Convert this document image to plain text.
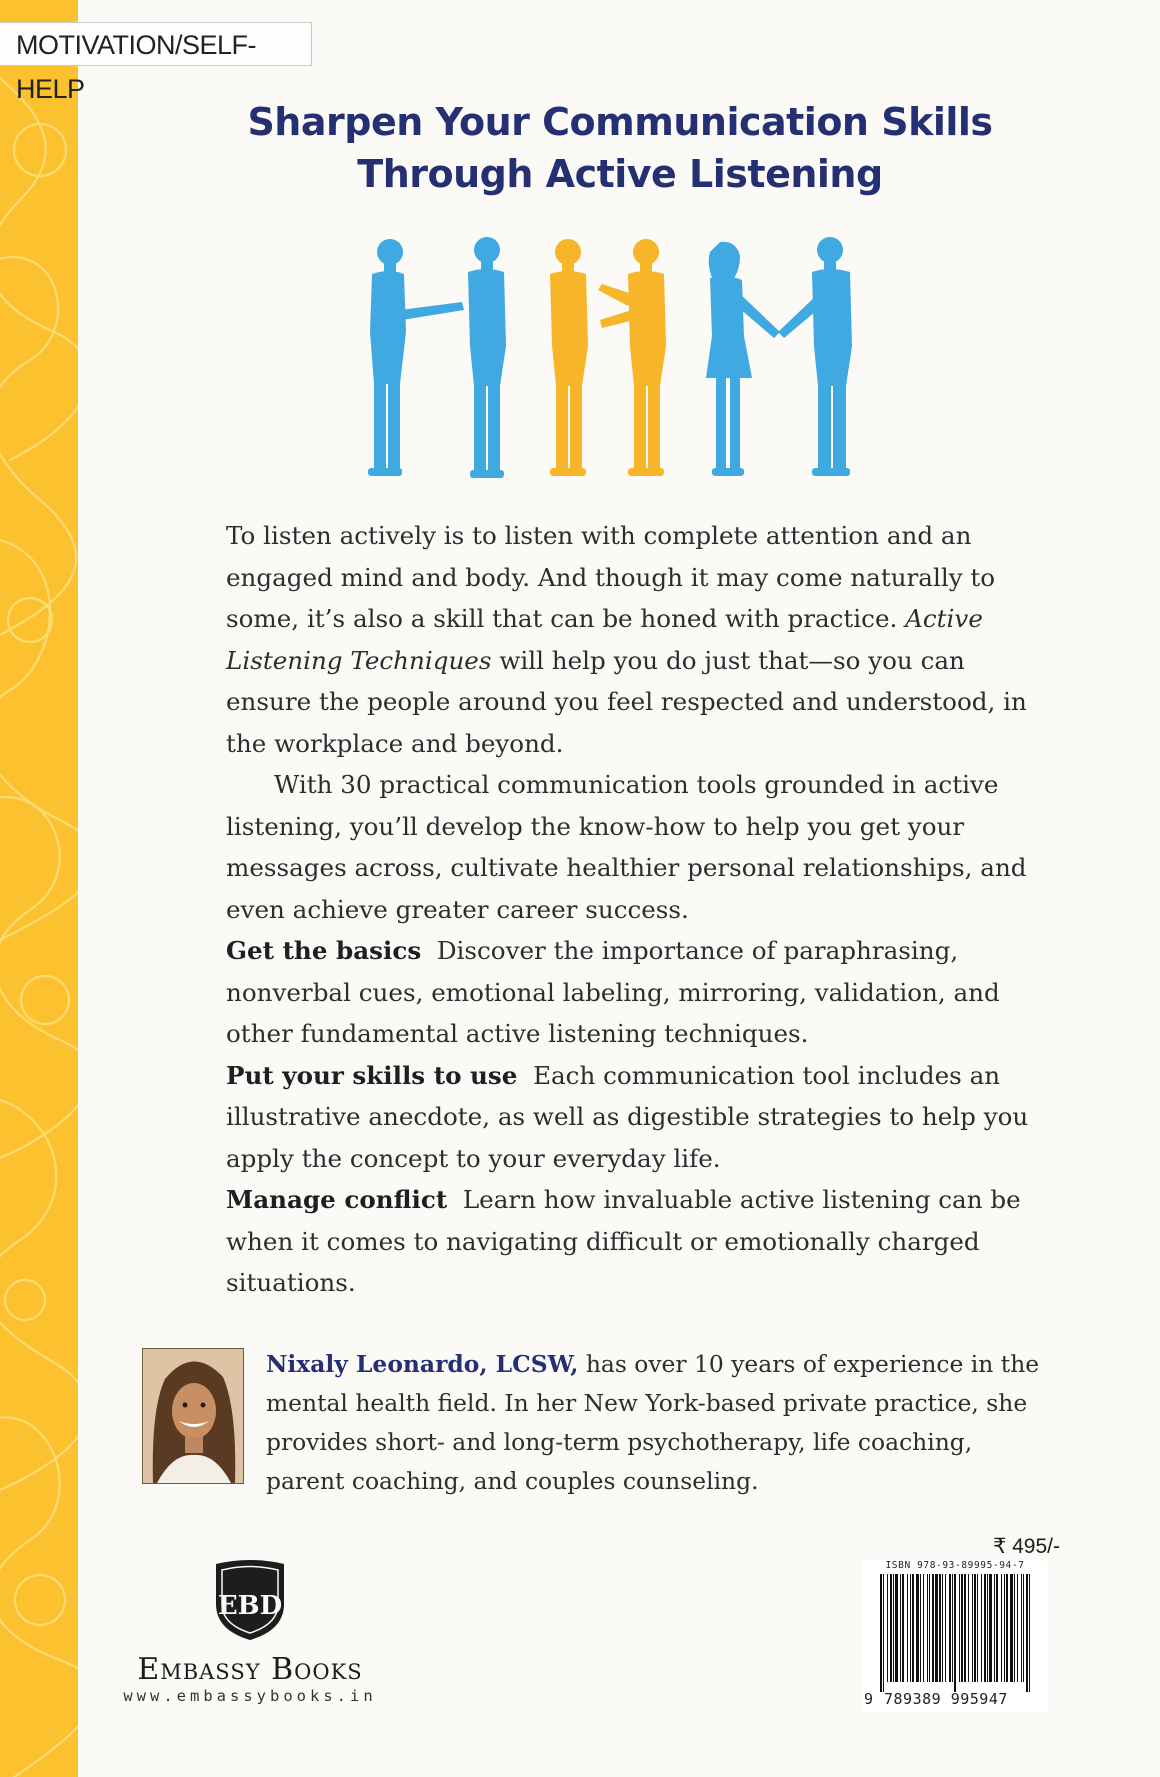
MOTIVATION/SELF-HELP
Sharpen Your Communication Skills
Through Active Listening

To listen actively is to listen with complete attention and an engaged mind and body. And though it may come naturally to some, it’s also a skill that can be honed with practice. Active Listening Techniques will help you do just that—so you can ensure the people around you feel respected and understood, in the workplace and beyond.

With 30 practical communication tools grounded in active listening, you’ll develop the know-how to help you get your messages across, cultivate healthier personal relationships, and even achieve greater career success.

Get the basics Discover the importance of paraphrasing, nonverbal cues, emotional labeling, mirroring, validation, and other fundamental active listening techniques.

Put your skills to use Each communication tool includes an illustrative anecdote, as well as digestible strategies to help you apply the concept to your everyday life.

Manage conflict Learn how invaluable active listening can be when it comes to navigating difficult or emotionally charged situations.

Nixaly Leonardo, LCSW, has over 10 years of experience in the mental health field. In her New York-based private practice, she provides short- and long-term psychotherapy, life coaching, parent coaching, and couples counseling.
EBD
Embassy Books
www.embassybooks.in
₹ 495/-
ISBN 978-93-89995-94-7
9 789389 995947
